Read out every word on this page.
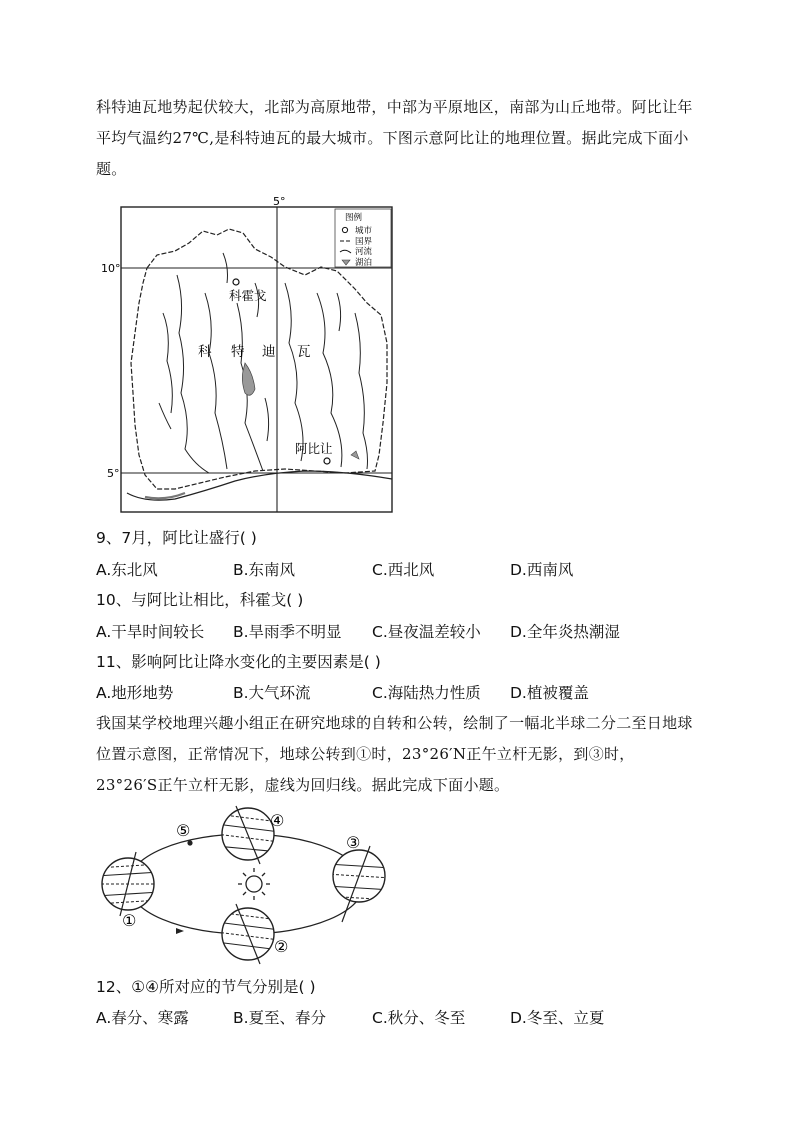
科特迪瓦地势起伏较大，北部为高原地带，中部为平原地区，南部为山丘地带。阿比让年平均气温约27℃,是科特迪瓦的最大城市。下图示意阿比让的地理位置。据此完成下面小题。
5°
10°
5°
图例
城市
国界
河流
湖泊
科霍戈
阿比让
科 特 迪 瓦
9、7月，阿比让盛行( )
A.东北风	B.东南风	C.西北风	D.西南风
10、与阿比让相比，科霍戈( )
A.干旱时间较长 B.旱雨季不明显 C.昼夜温差较小 D.全年炎热潮湿
11、影响阿比让降水变化的主要因素是( )
A.地形地势	B.大气环流	C.海陆热力性质 D.植被覆盖
我国某学校地理兴趣小组正在研究地球的自转和公转，绘制了一幅北半球二分二至日地球位置示意图，正常情况下，地球公转到①时，23°26′N正午立杆无影，到③时，23°26′S正午立杆无影，虚线为回归线。据此完成下面小题。
①
②
③
④
⑤
12、①④所对应的节气分别是( )
A.春分、寒露	B.夏至、春分	C.秋分、冬至	D.冬至、立夏
